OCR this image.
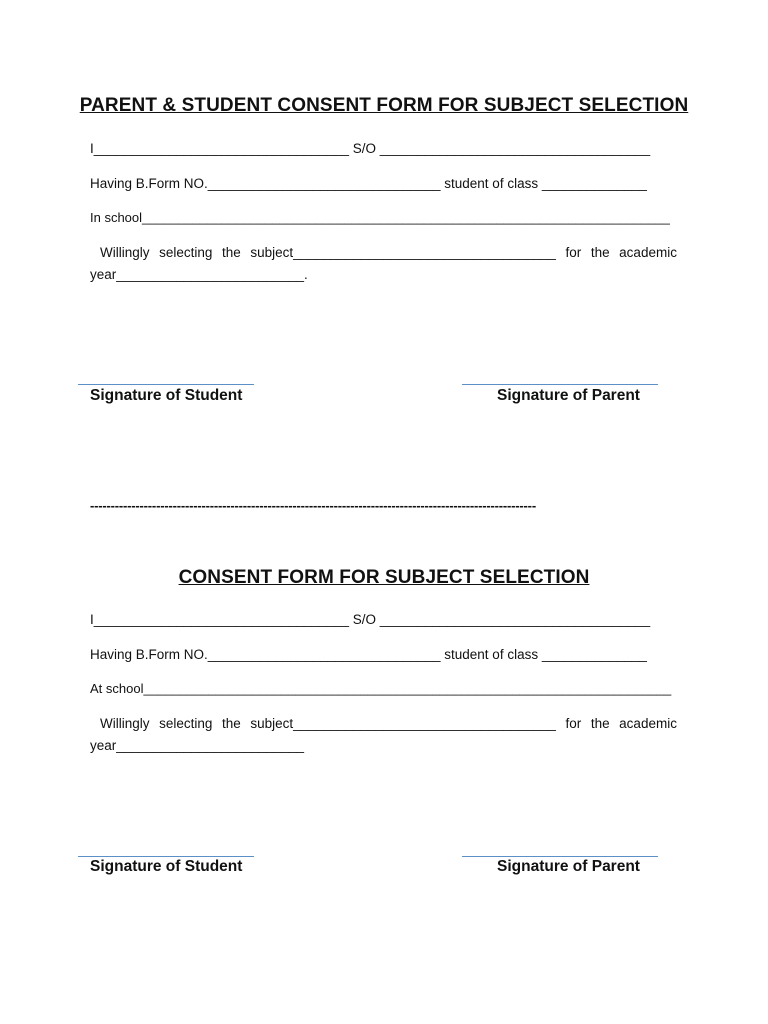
PARENT & STUDENT CONSENT FORM FOR SUBJECT SELECTION
I__________________________________ S/O ____________________________________
Having B.Form NO._______________________________ student of class ______________
In school_________________________________________________________________________
Willingly selecting the subject___________________________________ for the academic
year_________________________.
Signature of Student	Signature of Parent
------------------------------------------------------------------------------------------------------------
CONSENT FORM FOR SUBJECT SELECTION
I__________________________________ S/O ____________________________________
Having B.Form NO._______________________________ student of class ______________
At school_________________________________________________________________________
Willingly selecting the subject___________________________________ for the academic
year_________________________
Signature of Student	Signature of Parent
